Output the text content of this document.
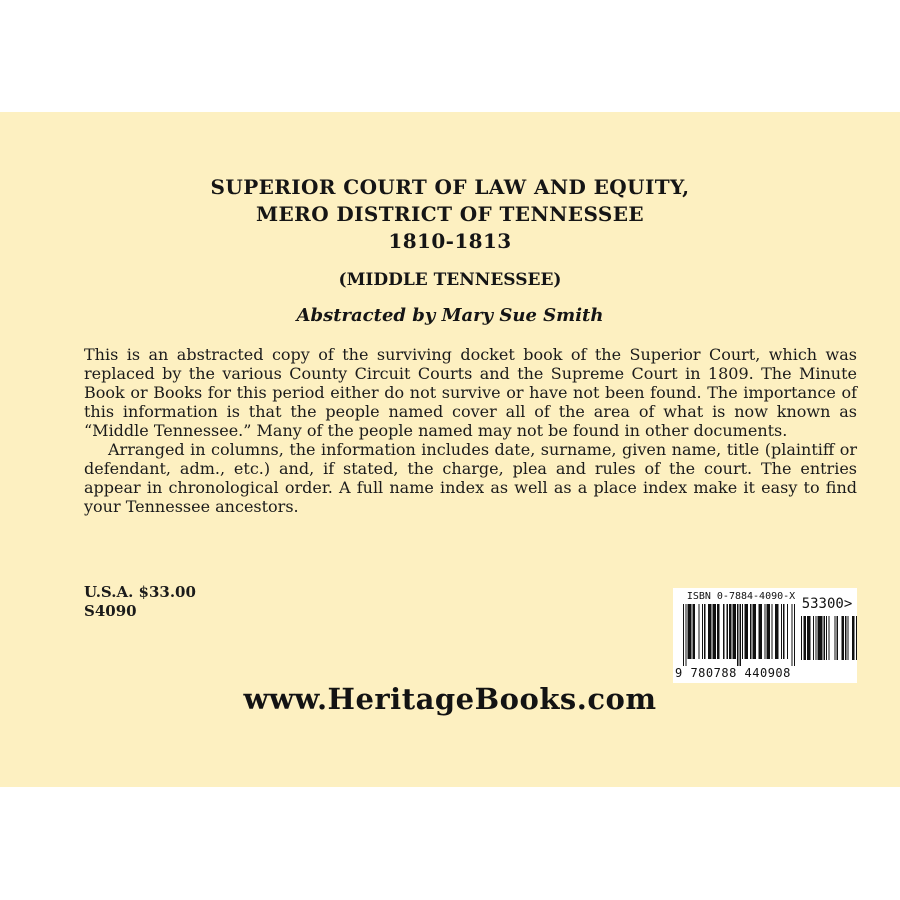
SUPERIOR COURT OF LAW AND EQUITY,
MERO DISTRICT OF TENNESSEE
1810-1813
(MIDDLE TENNESSEE)
Abstracted by Mary Sue Smith

This is an abstracted copy of the surviving docket book of the Superior Court, which was replaced by the various County Circuit Courts and the Supreme Court in 1809. The Minute Book or Books for this period either do not survive or have not been found. The importance of this information is that the people named cover all of the area of what is now known as “Middle Tennessee.” Many of the people named may not be found in other documents.

Arranged in columns, the information includes date, surname, given name, title (plaintiff or defendant, adm., etc.) and, if stated, the charge, plea and rules of the court. The entries appear in chronological order. A full name index as well as a place index make it easy to find your Tennessee ancestors.

U.S.A. $33.00
S4090
ISBN 0-7884-4090-X
9 780788 440908
53300>
www.HeritageBooks.com
